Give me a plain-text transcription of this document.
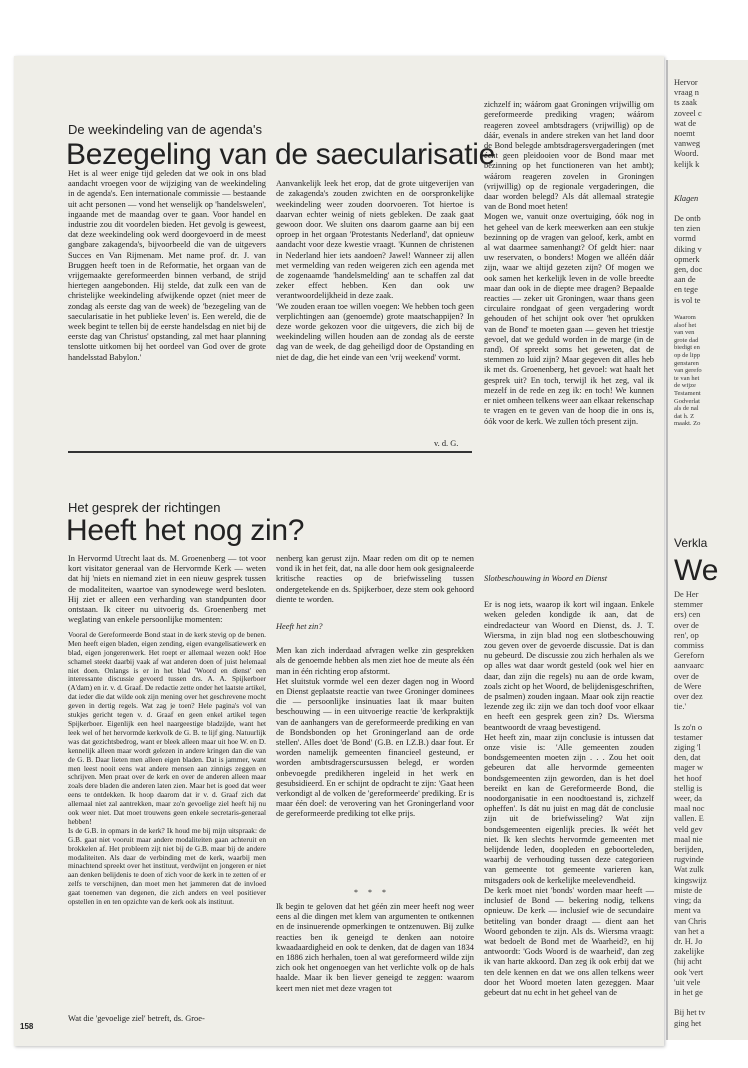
De weekindeling van de agenda's
Bezegeling van de saecularisatie

Het is al weer enige tijd geleden dat we ook in ons blad aandacht vroegen voor de wijziging van de weekindeling in de agenda's. Een internationale commissie — bestaande uit acht personen — vond het wenselijk op 'handelswelen', ingaande met de maandag over te gaan. Voor handel en industrie zou dit voordelen bieden. Het gevolg is geweest, dat deze weekindeling ook werd doorgevoerd in de meest gangbare zakagenda's, bijvoorbeeld die van de uitgevers Succes en Van Rijmenam. Met name prof. dr. J. van Bruggen heeft toen in de Reformatie, het orgaan van de vrijgemaakte gereformeerden binnen verband, de strijd hiertegen aangebonden. Hij stelde, dat zulk een van de christelijke weekindeling afwijkende opzet (niet meer de zondag als eerste dag van de week) de 'bezegeling van de saecularisatie in het publieke leven' is. Een wereld, die de week begint te tellen bij de eerste handelsdag en niet bij de eerste dag van Christus' opstanding, zal met haar planning tenslotte uitkomen bij het oordeel van God over de grote handelsstad Babylon.'

Aanvankelijk leek het erop, dat de grote uitgeverijen van de zakagenda's zouden zwichten en de oorspronkelijke weekindeling weer zouden doorvoeren. Tot hiertoe is daarvan echter weinig of niets gebleken. De zaak gaat gewoon door. We sluiten ons daarom gaarne aan bij een oproep in het orgaan 'Protestants Nederland', dat opnieuw aandacht voor deze kwestie vraagt. 'Kunnen de christenen in Nederland hier iets aandoen? Jawel! Wanneer zij allen met vermelding van reden weigeren zich een agenda met de zogenaamde 'handelsmelding' aan te schaffen zal dat zeker effect hebben. Ken dan ook uw verantwoordelijkheid in deze zaak.
'We zouden eraan toe willen voegen: We hebben toch geen verplichtingen aan (genoemde) grote maatschappijen? In deze worde gekozen voor die uitgevers, die zich bij de weekindeling willen houden aan de zondag als de eerste dag van de week, de dag geheiligd door de Opstanding en niet de dag, die het einde van een 'vrij weekend' vormt.

v. d. G.
Het gesprek der richtingen
Heeft het nog zin?

In Hervormd Utrecht laat ds. M. Groenenberg — tot voor kort visitator generaal van de Hervormde Kerk — weten dat hij 'niets en niemand ziet in een nieuw gesprek tussen de modaliteiten, waartoe van synodewege werd besloten. Hij ziet er alleen een verharding van standpunten door ontstaan. Ik citeer nu uitvoerig ds. Groenenberg met weglating van enkele persoonlijke momenten:

Vooral de Gereformeerde Bond staat in de kerk stevig op de benen. Men heeft eigen bladen, eigen zending, eigen evangelisatiewerk en blad, eigen jongerenwerk. Het roept er allemaal wezen ook! Hoe schamel steekt daarbij vaak af wat anderen doen of juist helemaal niet doen. Onlangs is er in het blad 'Woord en dienst' een interessante discussie gevoerd tussen drs. A. A. Spijkerboer (A'dam) en ir. v. d. Graaf. De redactie zette onder het laatste artikel, dat ieder die dat wilde ook zijn mening over het geschrevene mocht geven in dertig regels. Wat zag je toen? Hele pagina's vol van stukjes gericht tegen v. d. Graaf en geen enkel artikel tegen Spijkerboer. Eigenlijk een heel naargeestige bladzijde, want het leek wel of het hervormde kerkvolk de G. B. te lijf ging. Natuurlijk was dat gezichtsbedrog, want er bleek alleen maar uit hoe W. en D. kennelijk alleen maar wordt gelezen in andere kringen dan die van de G. B. Daar lieten men alleen eigen bladen. Dat is jammer, want men leest nooit eens wat andere mensen aan zinnigs zeggen en schrijven. Men praat over de kerk en over de anderen alleen maar zoals dere bladen die anderen laten zien. Maar het is goed dat weer eens te ontdekken. Ik hoop daarom dat ir v. d. Graaf zich dat allemaal niet zal aantrekken, maar zo'n gevoelige ziel heeft hij nu ook weer niet. Dat moet trouwens geen enkele secretaris-generaal hebben!
Is de G.B. in opmars in de kerk? Ik houd me bij mijn uitspraak: de G.B. gaat niet vooruit maar andere modaliteiten gaan achteruit en brokkelen af. Het probleem zijt niet bij de G.B. maar bij de andere modaliteiten. Als daar de verbinding met de kerk, waarbij men minachtend spreekt over het instituut, verdwijnt en jongeren er niet aan denken belijdenis te doen of zich voor de kerk in te zetten of er zelfs te verschijnen, dan moet men het jammeren dat de invloed gaat toenemen van degenen, die zich anders en veel positiever opstellen in en ten opzichte van de kerk ook als instituut.

Wat die 'gevoelige ziel' betreft, ds. Groe-

nenberg kan gerust zijn. Maar reden om dit op te nemen vond ik in het feit, dat, na alle door hem ook gesignaleerde kritische reacties op de briefwisseling tussen ondergetekende en ds. Spijkerboer, deze stem ook gehoord diente te worden.

Heeft het zin?

Men kan zich inderdaad afvragen welke zin gesprekken als de genoemde hebben als men ziet hoe de meute als één man in één richting erop afstormt.
Het sluitstuk vormde wel een dezer dagen nog in Woord en Dienst geplaatste reactie van twee Groninger dominees die — persoonlijke insinuaties laat ik maar buiten beschouwing — in een uitvoerige reactie 'de kerkpraktijk van de aanhangers van de gereformeerde prediking en van de Bondsbonden op het Groningerland aan de orde stellen'. Alles doet 'de Bond' (G.B. en I.Z.B.) daar fout. Er worden namelijk gemeenten financieel gesteund, er worden ambtsdragerscursussen belegd, er worden onbevoegde predikheren ingeleid in het werk en gesubsidieerd. En er schijnt de opdracht te zijn: 'Gaat heen verkondigt al de volken de 'gereformeerde' prediking. Er is maar één doel: de verovering van het Groningerland voor de gereformeerde prediking tot elke prijs.

* * *

Ik begin te geloven dat het géén zin meer heeft nog weer eens al die dingen met klem van argumenten te ontkennen en de insinuerende opmerkingen te ontzenuwen. Bij zulke reacties ben ik geneigd te denken aan notoire kwaadaardigheid en ook te denken, dat de dagen van 1834 en 1886 zich herhalen, toen al wat gereformeerd wilde zijn zich ook het ongenoegen van het verlichte volk op de hals haalde. Maar ik ben liever geneigd te zeggen: waarom keert men niet met deze vragen tot

zichzelf in; wáárom gaat Groningen vrijwillig om gereformeerde prediking vragen; wáárom reageren zoveel ambtsdragers (vrijwillig) op de dáár, evenals in andere streken van het land door de Bond belegde ambtsdragersvergaderingen (met écht geen pleidooien voor de Bond maar met bezinning op het functioneren van het ambt); wáárom reageren zovelen in Groningen (vrijwillig) op de regionale vergaderingen, die daar worden belegd? Als dát allemaal strategie van de Bond moet heten!
Mogen we, vanuit onze overtuiging, óók nog in het geheel van de kerk meewerken aan een stukje bezinning op de vragen van geloof, kerk, ambt en al wat daarmee samenhangt? Of geldt hier: naar uw reservaten, o bonders! Mogen we alléén dáár zijn, waar we altijd gezeten zijn? Of mogen we ook samen het kerkelijk leven in de volle breedte maar dan ook in de diepte mee dragen? Bepaalde reacties — zeker uit Groningen, waar thans geen circulaire rondgaat of geen vergadering wordt gehouden of het schijnt ook over 'het oprukken van de Bond' te moeten gaan — geven het triestje gevoel, dat we geduld worden in de marge (in de rand). Of spreekt soms het geweten, dat de stemmen zo luid zijn? Maar gegeven dit alles heb ik met ds. Groenenberg, het gevoel: wat haalt het gesprek uit? En toch, terwijl ik het zeg, val ik mezelf in de rede en zeg ik: en toch! We kunnen er niet omheen telkens weer aan elkaar rekenschap te vragen en te geven van de hoop die in ons is, óók voor de kerk. We zullen tóch present zijn.

Slotbeschouwing in Woord en Dienst

Er is nog iets, waarop ik kort wil ingaan. Enkele weken geleden kondigde ik aan, dat de eindredacteur van Woord en Dienst, ds. J. T. Wiersma, in zijn blad nog een slotbeschouwing zou geven over de gevoerde discussie. Dat is dan nu gebeurd. De discussie zou zich herhalen als we op alles wat daar wordt gesteld (ook wel hier en daar, dan zijn die regels) nu aan de orde kwam, zoals zicht op het Woord, de belijdenisgeschriften, de psalmen) zouden ingaan. Maar ook zijn reactie lezende zeg ik: zijn we dan toch doof voor elkaar en heeft een gesprek geen zin? Ds. Wiersma beantwoordt de vraag bevestigend.
Het heeft zin, maar zijn conclusie is intussen dat onze visie is: 'Alle gemeenten zouden bondsgemeenten moeten zijn . . . Zou het ooit gebeuren dat alle hervormde gemeenten bondsgemeenten zijn geworden, dan is het doel bereikt en kan de Gereformeerde Bond, die noodorganisatie in een noodtoestand is, zichzelf opheffen'. Is dát nu juist en mag dát de conclusie zijn uit de briefwisseling? Wat zijn bondsgemeenten eigenlijk precies. Ik wéét het niet. Ik ken slechts hervormde gemeenten met belijdende leden, doopleden en geboorteleden, waarbij de verhouding tussen deze categorieen van gemeente tot gemeente varieren kan, mitsgaders ook de kerkelijke meelevendheid.
De kerk moet niet 'bonds' worden maar heeft — inclusief de Bond — bekering nodig, telkens opnieuw. De kerk — inclusief wie de secundaire betiteling van bonder draagt — dient aan het Woord gebonden te zijn. Als ds. Wiersma vraagt: wat bedoelt de Bond met de Waarheid?, en hij antwoordt: 'Gods Woord is de waarheid', dan zeg ik van harte akkoord. Dan zeg ik ook erbij dat we ten dele kennen en dat we ons allen telkens weer door het Woord moeten laten gezeggen. Maar gebeurt dat nu echt in het geheel van de

158
Hervor
vraag n
ts zaak
zoveel c
wat de
noemt
vanweg
Woord.
kelijk k
Klagen
De ontb
ten zien
vormd
diking v
opmerk
gen, doc
aan de
en tege
is vol te
Waarom
alsof het
van ven
grote dad
biedigt en
op de lipp
genstaren
van gerefo
te van het
de wijze
Testament
Godverlat
als de nal
dat h. Z
maakt. Zo
Verkla
We
De Her
stemmer
ers) cen
over de
ren', op
commiss
Gereforn
aanvaarc
over de
de Were
over dez
tie.'

Is zo'n o
testamer
ziging 'l
den, dat
mager w
het hoof
stellig is
weer, da
maal noc
vallen. E
veld gev
maal nie
berijden,
rugvinde
Wat zulk
kingswijz
miste de
ving; da
ment va
van Chris
van het a
dr. H. Jo
zakelijke
(hij acht
ook 'vert
'uit vele
in het ge

Bij het tv
ging het
